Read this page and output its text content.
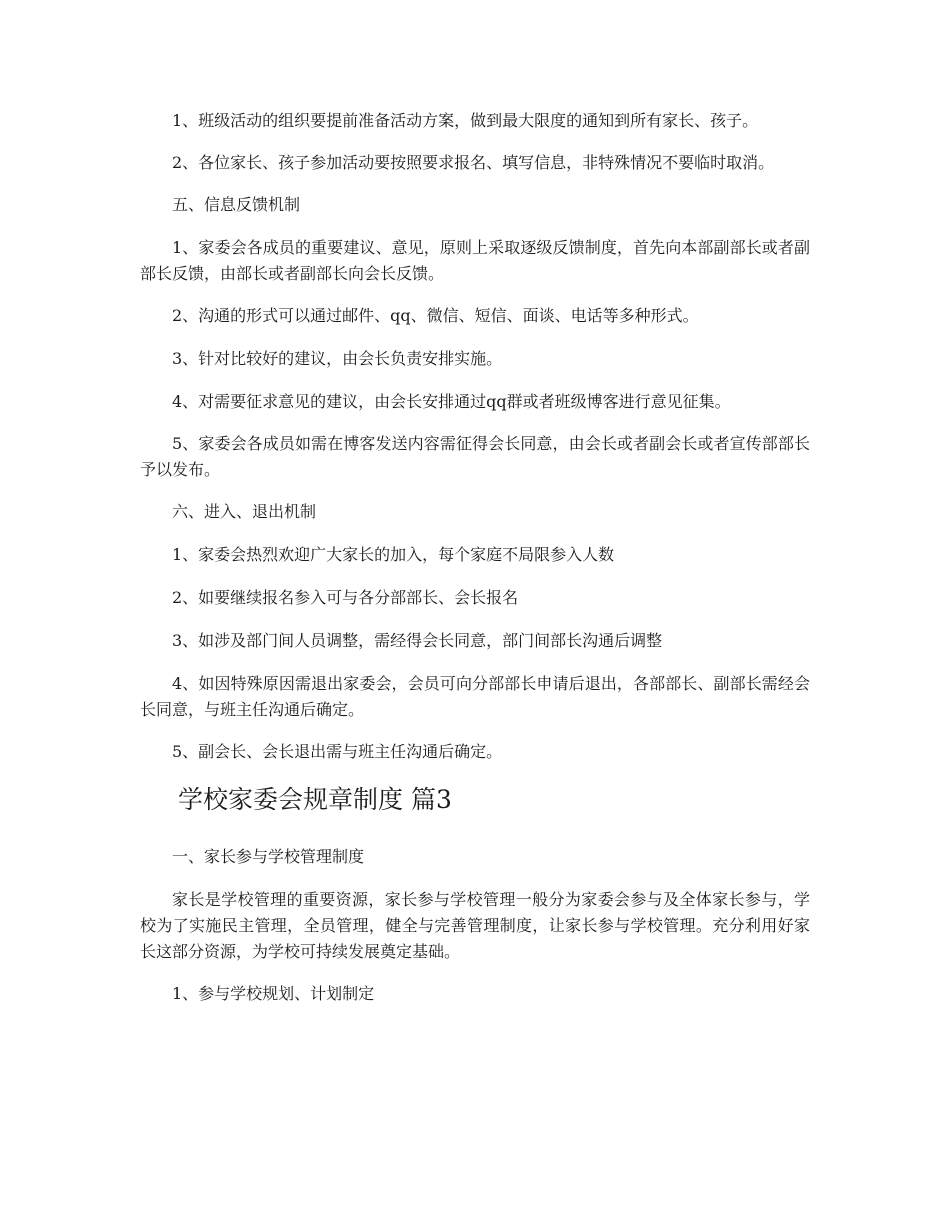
1、班级活动的组织要提前准备活动方案，做到最大限度的通知到所有家长、孩子。

2、各位家长、孩子参加活动要按照要求报名、填写信息，非特殊情况不要临时取消。

五、信息反馈机制

1、家委会各成员的重要建议、意见，原则上采取逐级反馈制度，首先向本部副部长或者副部长反馈，由部长或者副部长向会长反馈。

2、沟通的形式可以通过邮件、qq、微信、短信、面谈、电话等多种形式。

3、针对比较好的建议，由会长负责安排实施。

4、对需要征求意见的建议，由会长安排通过qq群或者班级博客进行意见征集。

5、家委会各成员如需在博客发送内容需征得会长同意，由会长或者副会长或者宣传部部长予以发布。

六、进入、退出机制

1、家委会热烈欢迎广大家长的加入，每个家庭不局限参入人数

2、如要继续报名参入可与各分部部长、会长报名

3、如涉及部门间人员调整，需经得会长同意，部门间部长沟通后调整

4、如因特殊原因需退出家委会，会员可向分部部长申请后退出，各部部长、副部长需经会长同意，与班主任沟通后确定。

5、副会长、会长退出需与班主任沟通后确定。

学校家委会规章制度 篇3

一、家长参与学校管理制度

家长是学校管理的重要资源，家长参与学校管理一般分为家委会参与及全体家长参与，学校为了实施民主管理，全员管理，健全与完善管理制度，让家长参与学校管理。充分利用好家长这部分资源，为学校可持续发展奠定基础。

1、参与学校规划、计划制定
